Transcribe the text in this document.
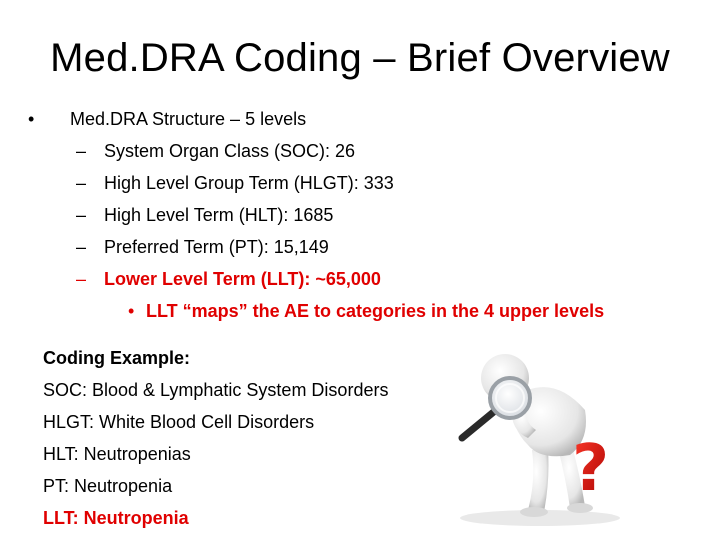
Med.DRA Coding – Brief Overview
• Med.DRA Structure – 5 levels
– System Organ Class (SOC): 26
– High Level Group Term (HLGT): 333
– High Level Term (HLT): 1685
– Preferred Term (PT): 15,149
– Lower Level Term (LLT): ~65,000
• LLT “maps” the AE to categories in the 4 upper levels
Coding Example:
SOC: Blood & Lymphatic System Disorders
HLGT: White Blood Cell Disorders
HLT: Neutropenias
PT: Neutropenia
LLT: Neutropenia
?
